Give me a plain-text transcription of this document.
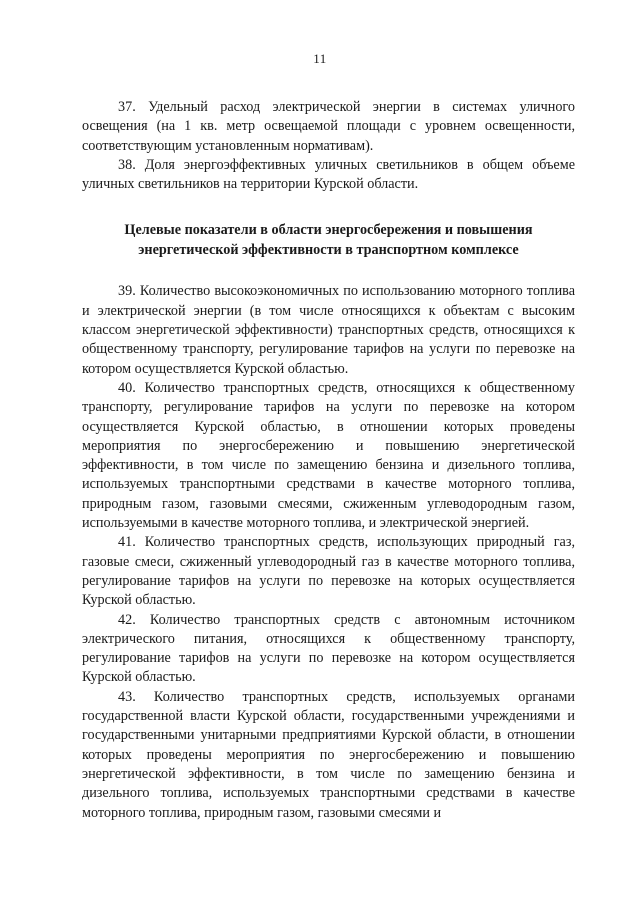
11

37. Удельный расход электрической энергии в системах уличного освещения (на 1 кв. метр освещаемой площади с уровнем освещенности, соответствующим установленным нормативам).

38. Доля энергоэффективных уличных светильников в общем объеме уличных светильников на территории Курской области.

Целевые показатели в области энергосбережения и повышения энергетической эффективности в транспортном комплексе

39. Количество высокоэкономичных по использованию моторного топлива и электрической энергии (в том числе относящихся к объектам с высоким классом энергетической эффективности) транспортных средств, относящихся к общественному транспорту, регулирование тарифов на услуги по перевозке на котором осуществляется Курской областью.

40. Количество транспортных средств, относящихся к общественному транспорту, регулирование тарифов на услуги по перевозке на котором осуществляется Курской областью, в отношении которых проведены мероприятия по энергосбережению и повышению энергетической эффективности, в том числе по замещению бензина и дизельного топлива, используемых транспортными средствами в качестве моторного топлива, природным газом, газовыми смесями, сжиженным углеводородным газом, используемыми в качестве моторного топлива, и электрической энергией.

41. Количество транспортных средств, использующих природный газ, газовые смеси, сжиженный углеводородный газ в качестве моторного топлива, регулирование тарифов на услуги по перевозке на которых осуществляется Курской областью.

42. Количество транспортных средств с автономным источником электрического питания, относящихся к общественному транспорту, регулирование тарифов на услуги по перевозке на котором осуществляется Курской областью.

43. Количество транспортных средств, используемых органами государственной власти Курской области, государственными учреждениями и государственными унитарными предприятиями Курской области, в отношении которых проведены мероприятия по энергосбережению и повышению энергетической эффективности, в том числе по замещению бензина и дизельного топлива, используемых транспортными средствами в качестве моторного топлива, природным газом, газовыми смесями и
